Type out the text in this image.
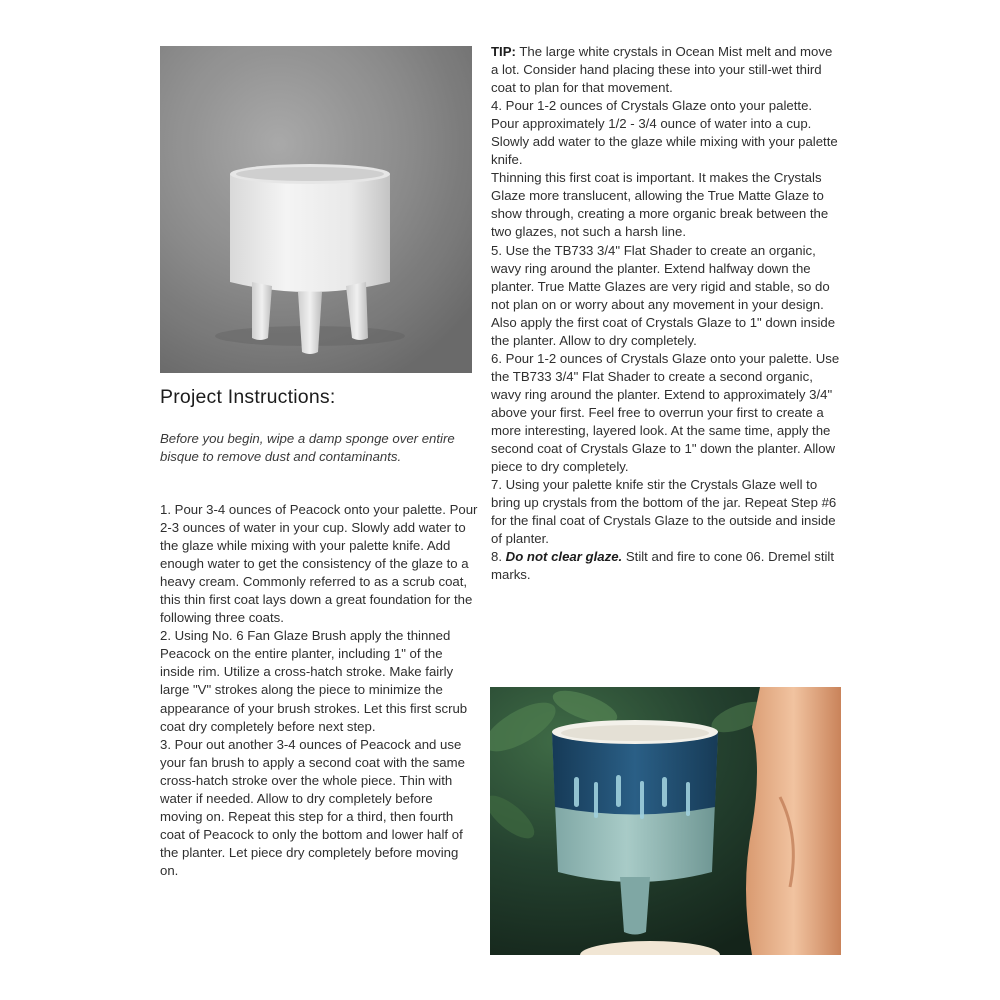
Project Instructions:

Before you begin, wipe a damp sponge over entire bisque to remove dust and contaminants.

1. Pour 3-4 ounces of Peacock onto your palette. Pour 2-3 ounces of water in your cup. Slowly add water to the glaze while mixing with your palette knife. Add enough water to get the consistency of the glaze to a heavy cream. Commonly referred to as a scrub coat, this thin first coat lays down a great foundation for the following three coats.

2. Using No. 6 Fan Glaze Brush apply the thinned Peacock on the entire planter, including 1" of the inside rim. Utilize a cross-hatch stroke. Make fairly large "V" strokes along the piece to minimize the appearance of your brush strokes. Let this first scrub coat dry completely before next step.

3. Pour out another 3-4 ounces of Peacock and use your fan brush to apply a second coat with the same cross-hatch stroke over the whole piece. Thin with water if needed. Allow to dry completely before moving on. Repeat this step for a third, then fourth coat of Peacock to only the bottom and lower half of the planter. Let piece dry completely before moving on.

TIP: The large white crystals in Ocean Mist melt and move a lot. Consider hand placing these into your still-wet third coat to plan for that movement.

4. Pour 1-2 ounces of Crystals Glaze onto your palette. Pour approximately 1/2 - 3/4 ounce of water into a cup. Slowly add water to the glaze while mixing with your palette knife.

Thinning this first coat is important. It makes the Crystals Glaze more translucent, allowing the True Matte Glaze to show through, creating a more organic break between the two glazes, not such a harsh line.

5. Use the TB733 3/4" Flat Shader to create an organic, wavy ring around the planter. Extend halfway down the planter. True Matte Glazes are very rigid and stable, so do not plan on or worry about any movement in your design. Also apply the first coat of Crystals Glaze to 1" down inside the planter. Allow to dry completely.

6. Pour 1-2 ounces of Crystals Glaze onto your palette. Use the TB733 3/4" Flat Shader to create a second organic, wavy ring around the planter. Extend to approximately 3/4" above your first. Feel free to overrun your first to create a more interesting, layered look. At the same time, apply the second coat of Crystals Glaze to 1" down the planter. Allow piece to dry completely.

7. Using your palette knife stir the Crystals Glaze well to bring up crystals from the bottom of the jar. Repeat Step #6 for the final coat of Crystals Glaze to the outside and inside of planter.

8. Do not clear glaze. Stilt and fire to cone 06. Dremel stilt marks.
